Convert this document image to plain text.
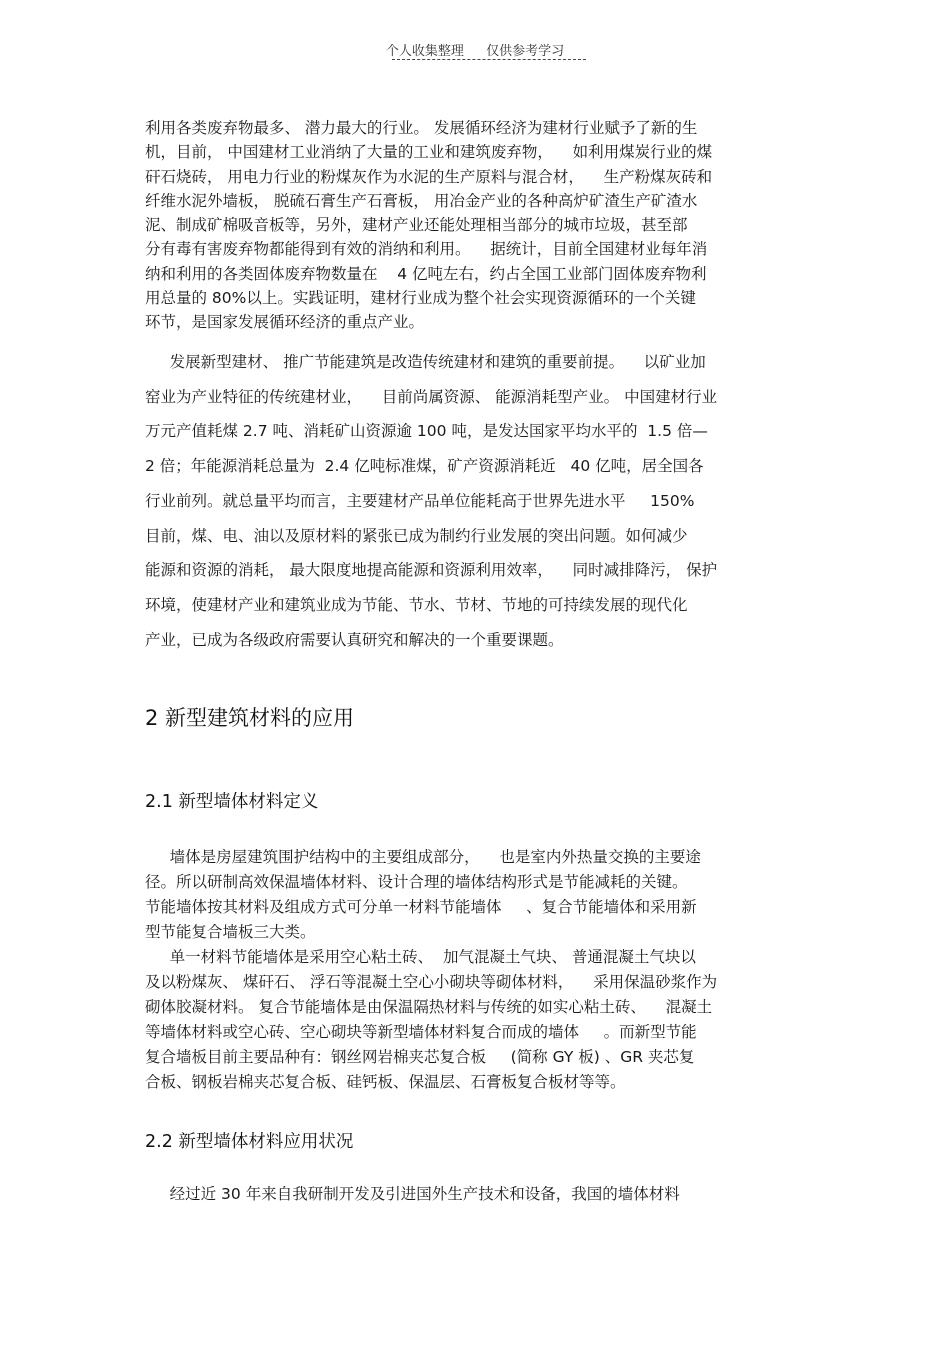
个人收集整理 仅供参考学习

利用各类废弃物最多、 潜力最大的行业。 发展循环经济为建材行业赋予了新的生

机，目前， 中国建材工业消纳了大量的工业和建筑废弃物，    如利用煤炭行业的煤

矸石烧砖， 用电力行业的粉煤灰作为水泥的生产原料与混合材，    生产粉煤灰砖和

纤维水泥外墙板， 脱硫石膏生产石膏板， 用冶金产业的各种高炉矿渣生产矿渣水

泥、制成矿棉吸音板等，另外，建材产业还能处理相当部分的城市垃圾，甚至部

分有毒有害废弃物都能得到有效的消纳和利用。    据统计，目前全国建材业每年消

纳和利用的各类固体废弃物数量在    4 亿吨左右，约占全国工业部门固体废弃物利

用总量的 80%以上。实践证明，建材行业成为整个社会实现资源循环的一个关键

环节，是国家发展循环经济的重点产业。

发展新型建材、 推广节能建筑是改造传统建材和建筑的重要前提。    以矿业加

窑业为产业特征的传统建材业，    目前尚属资源、 能源消耗型产业。 中国建材行业

万元产值耗煤 2.7 吨、消耗矿山资源逾 100 吨，是发达国家平均水平的  1.5 倍—

2 倍；年能源消耗总量为  2.4 亿吨标准煤，矿产资源消耗近   40 亿吨，居全国各

行业前列。就总量平均而言，主要建材产品单位能耗高于世界先进水平     150%

目前，煤、电、油以及原材料的紧张已成为制约行业发展的突出问题。如何减少

能源和资源的消耗， 最大限度地提高能源和资源利用效率，    同时减排降污， 保护

环境，使建材产业和建筑业成为节能、节水、节材、节地的可持续发展的现代化

产业，已成为各级政府需要认真研究和解决的一个重要课题。

2 新型建筑材料的应用
2.1 新型墙体材料定义

墙体是房屋建筑围护结构中的主要组成部分，    也是室内外热量交换的主要途

径。所以研制高效保温墙体材料、设计合理的墙体结构形式是节能减耗的关键。

节能墙体按其材料及组成方式可分单一材料节能墙体     、复合节能墙体和采用新

型节能复合墙板三大类。

单一材料节能墙体是采用空心粘土砖、  加气混凝土气块、 普通混凝土气块以

及以粉煤灰、 煤矸石、 浮石等混凝土空心小砌块等砌体材料，    采用保温砂浆作为

砌体胶凝材料。 复合节能墙体是由保温隔热材料与传统的如实心粘土砖、    混凝土

等墙体材料或空心砖、空心砌块等新型墙体材料复合而成的墙体     。而新型节能

复合墙板目前主要品种有：钢丝网岩棉夹芯复合板     (简称 GY 板) 、GR 夹芯复

合板、钢板岩棉夹芯复合板、硅钙板、保温层、石膏板复合板材等等。

2.2 新型墙体材料应用状况

经过近 30 年来自我研制开发及引进国外生产技术和设备，我国的墙体材料
